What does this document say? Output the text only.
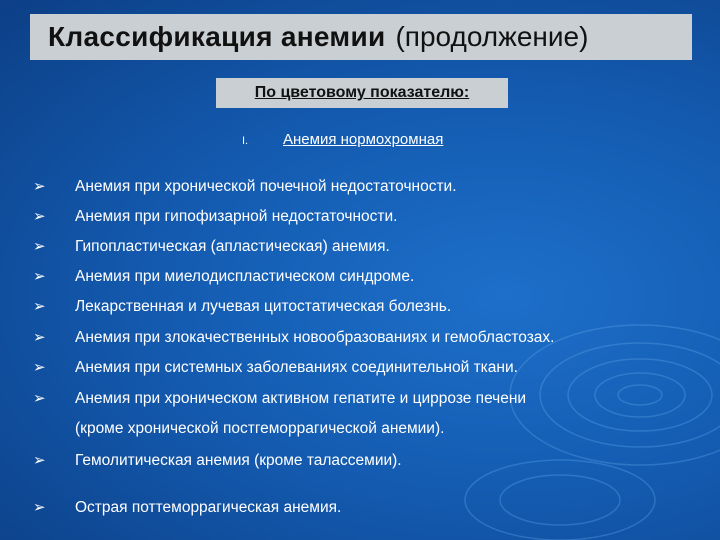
Классификация анемии (продолжение)
По цветовому показателю:
I.	Анемия нормохромная
➢	Анемия при хронической почечной недостаточности.
➢	Анемия при гипофизарной недостаточности.
➢	Гипопластическая (апластическая) анемия.
➢	Анемия при миелодиспластическом синдроме.
➢	Лекарственная и лучевая цитостатическая болезнь.
➢	Анемия при злокачественных новообразованиях и гемобластозах.
➢	Анемия при системных заболеваниях соединительной ткани.
➢	Анемия при хроническом активном гепатите и циррозе печени
(кроме хронической постгеморрагической анемии).
➢	Гемолитическая анемия (кроме талассемии).
➢	Острая поттеморрагическая анемия.
